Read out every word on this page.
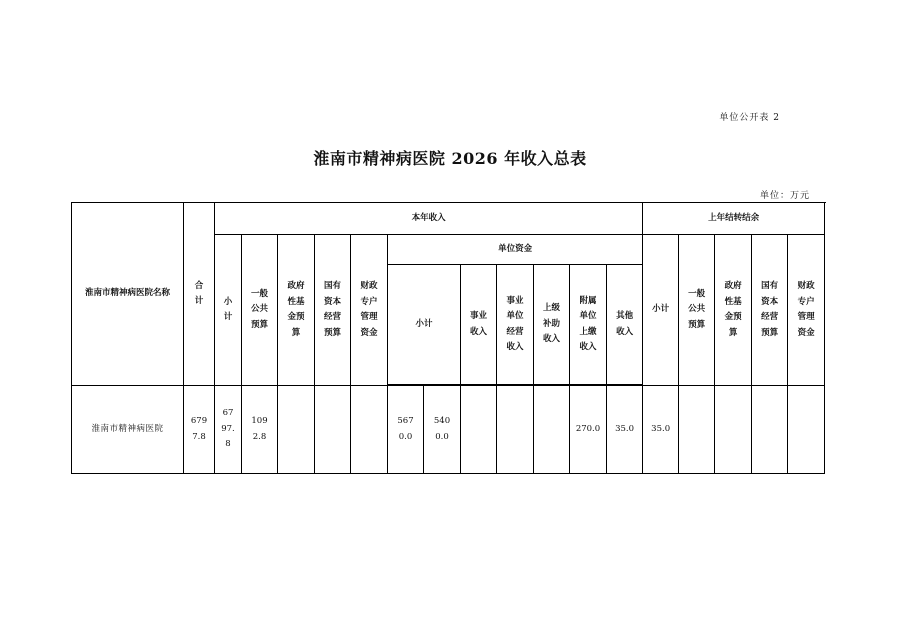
单位公开表 2
淮南市精神病医院 2026 年收入总表
单位：万元
淮南市精神病医院名称	合计	本年收入												上年结转结余					
		小计	一般公共预算	政府性基金预算	国有资本经营预算	财政专户管理资金	单位资金							小计	一般公共预算	政府性基金预算	国有资本经营预算	财政专户管理资金	
							小计		事业收入	事业单位经营收入	上级补助收入	附属单位上缴收入	其他收入						

淮南市精神病医院	6797.8	6797.8	1092.8				5670.0	5400.0				270.0	35.0	35.0					
